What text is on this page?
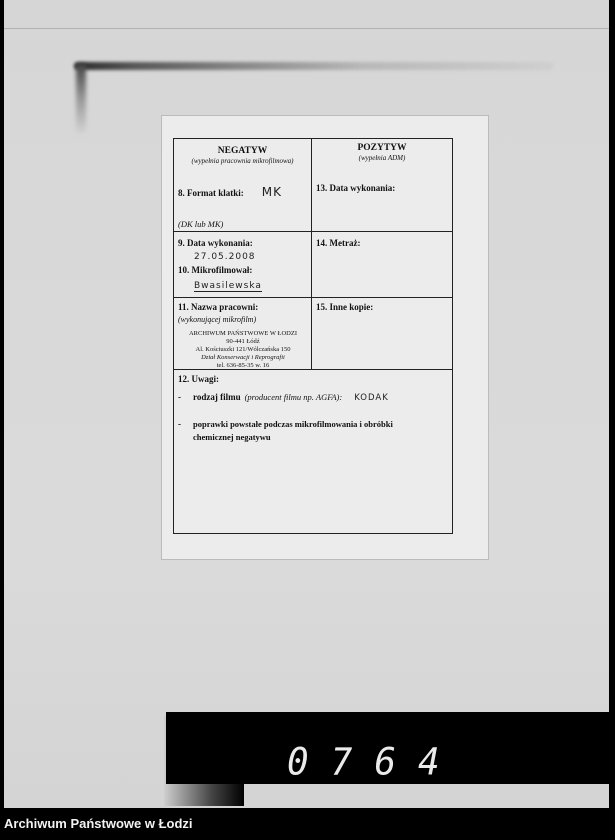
NEGATYW
(wypełnia pracownia mikrofilmowa)
8. Format klatki: MK
(DK lub MK)
POZYTYW
(wypełnia ADM)
13. Data wykonania:
9. Data wykonania:
27.05.2008
10. Mikrofilmował:
Bwasilewska
14. Metraż:
11. Nazwa pracowni:
(wykonującej mikrofilm)
ARCHIWUM PAŃSTWOWE W ŁODZI
90-441 Łódź
Al. Kościuszki 121/Wólczańska 150
Dział Konserwacji i Reprografii
tel. 636-85-35 w. 16
15. Inne kopie:
12. Uwagi:
- rodzaj filmu (producent filmu np. AGFA): KODAK
- poprawki powstałe podczas mikrofilmowania i obróbki
chemicznej negatywu
0764
Archiwum Państwowe w Łodzi
